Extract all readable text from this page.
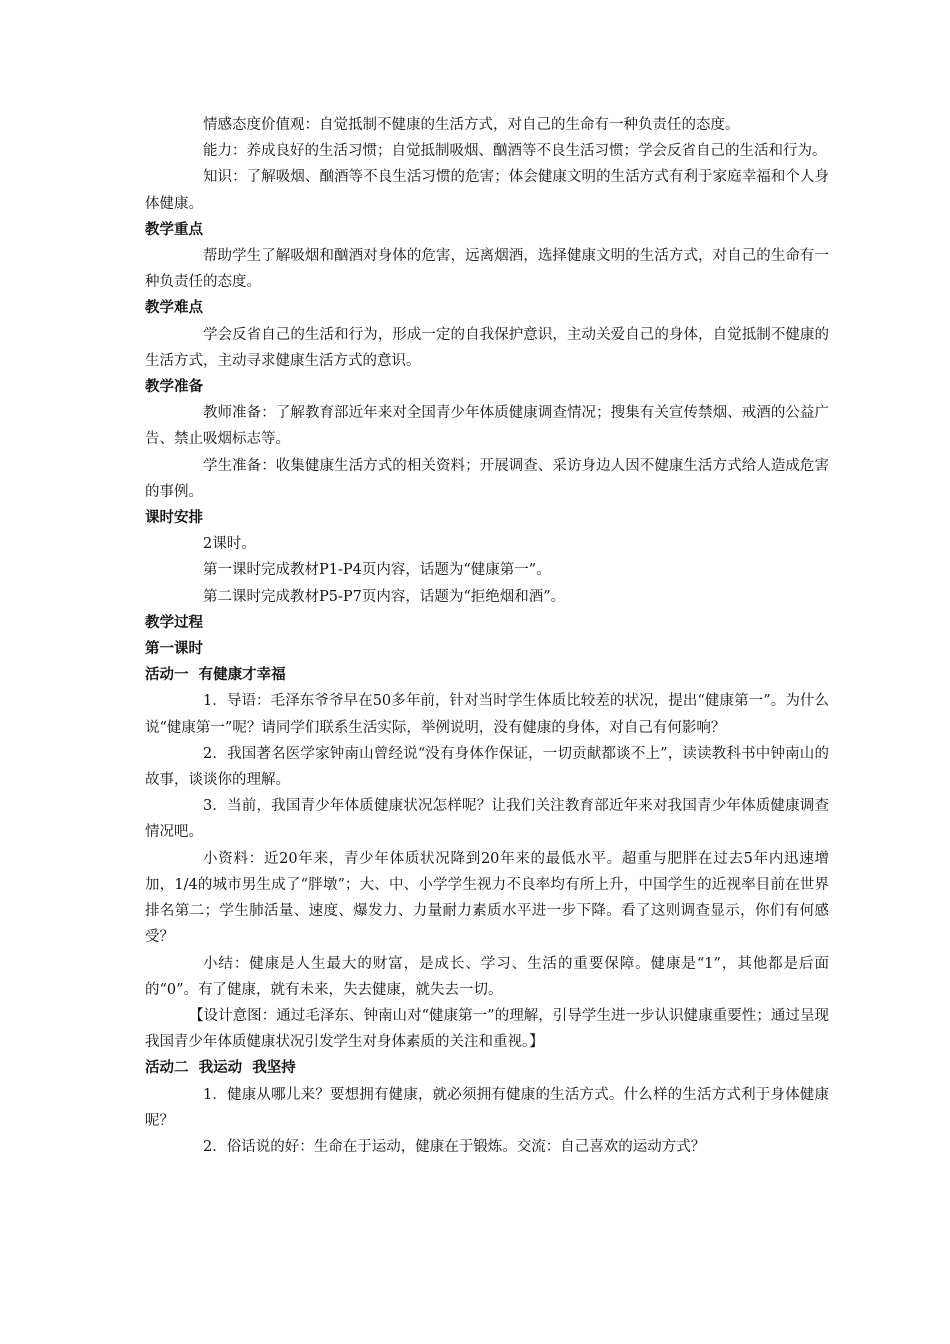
情感态度价值观：自觉抵制不健康的生活方式，对自己的生命有一种负责任的态度。

能力：养成良好的生活习惯；自觉抵制吸烟、酗酒等不良生活习惯；学会反省自己的生活和行为。

知识：了解吸烟、酗酒等不良生活习惯的危害；体会健康文明的生活方式有利于家庭幸福和个人身体健康。

教学重点

帮助学生了解吸烟和酗酒对身体的危害，远离烟酒，选择健康文明的生活方式，对自己的生命有一种负责任的态度。

教学难点

学会反省自己的生活和行为，形成一定的自我保护意识，主动关爱自己的身体，自觉抵制不健康的生活方式，主动寻求健康生活方式的意识。

教学准备

教师准备：了解教育部近年来对全国青少年体质健康调查情况；搜集有关宣传禁烟、戒酒的公益广告、禁止吸烟标志等。

学生准备：收集健康生活方式的相关资料；开展调查、采访身边人因不健康生活方式给人造成危害的事例。

课时安排

2课时。

第一课时完成教材P1-P4页内容，话题为“健康第一”。

第二课时完成教材P5-P7页内容，话题为“拒绝烟和酒”。

教学过程

第一课时

活动一  有健康才幸福

1．导语：毛泽东爷爷早在50多年前，针对当时学生体质比较差的状况，提出“健康第一”。为什么说“健康第一”呢？请同学们联系生活实际，举例说明，没有健康的身体，对自己有何影响？

2．我国著名医学家钟南山曾经说“没有身体作保证，一切贡献都谈不上”，读读教科书中钟南山的故事，谈谈你的理解。

3．当前，我国青少年体质健康状况怎样呢？让我们关注教育部近年来对我国青少年体质健康调查情况吧。

小资料：近20年来，青少年体质状况降到20年来的最低水平。超重与肥胖在过去5年内迅速增加，1/4的城市男生成了“胖墩”；大、中、小学学生视力不良率均有所上升，中国学生的近视率目前在世界排名第二；学生肺活量、速度、爆发力、力量耐力素质水平进一步下降。看了这则调查显示，你们有何感受？

小结：健康是人生最大的财富，是成长、学习、生活的重要保障。健康是“1”，其他都是后面的“0”。有了健康，就有未来，失去健康，就失去一切。

【设计意图：通过毛泽东、钟南山对“健康第一”的理解，引导学生进一步认识健康重要性；通过呈现我国青少年体质健康状况引发学生对身体素质的关注和重视。】

活动二  我运动  我坚持

1．健康从哪儿来？要想拥有健康，就必须拥有健康的生活方式。什么样的生活方式利于身体健康呢？

2．俗话说的好：生命在于运动，健康在于锻炼。交流：自己喜欢的运动方式？
